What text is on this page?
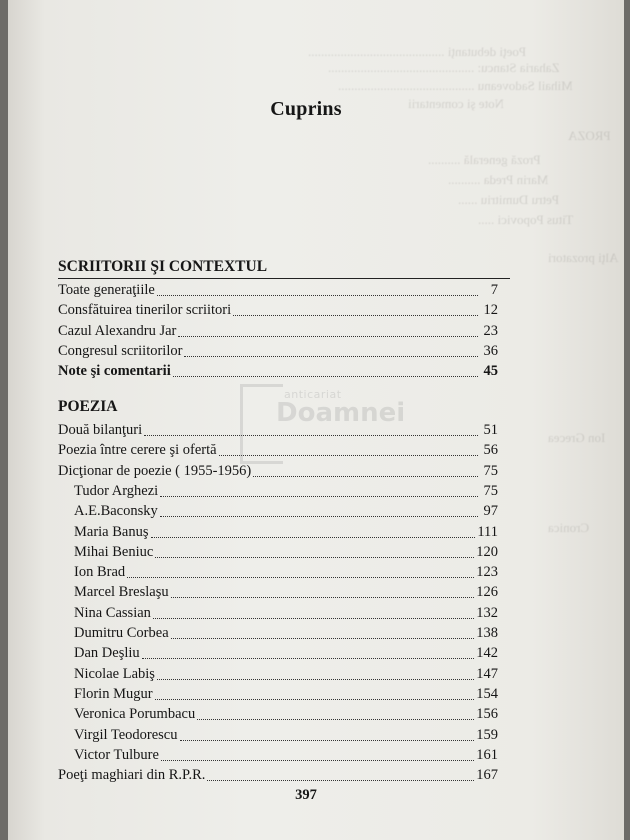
Poeţi debutanţi ..........................................
Zaharia Stancu: .............................................
Mihail Sadoveanu ..........................................
Note şi comentarii
PROZA
Proză generală ..........
Marin Preda ..........
Petru Dumitriu ......
Titus Popovici .....
Alţi prozatori
Ion Grecea
Cronica
Cuprins
SCRIITORII ŞI CONTEXTUL
Toate generaţiile	7
Consfătuirea tinerilor scriitori	12
Cazul Alexandru Jar	23
Congresul scriitorilor	36
Note şi comentarii	45
POEZIA
Două bilanţuri	51
Poezia între cerere şi ofertă	56
Dicţionar de poezie ( 1955-1956)	75
Tudor Arghezi	75
A.E.Baconsky	97
Maria Banuş	111
Mihai Beniuc	120
Ion Brad	123
Marcel Breslaşu	126
Nina Cassian	132
Dumitru Corbea	138
Dan Deşliu	142
Nicolae Labiş	147
Florin Mugur	154
Veronica Porumbacu	156
Virgil Teodorescu	159
Victor Tulbure	161
Poeţi maghiari din R.P.R.	167
397
anticariat
Doamnei
